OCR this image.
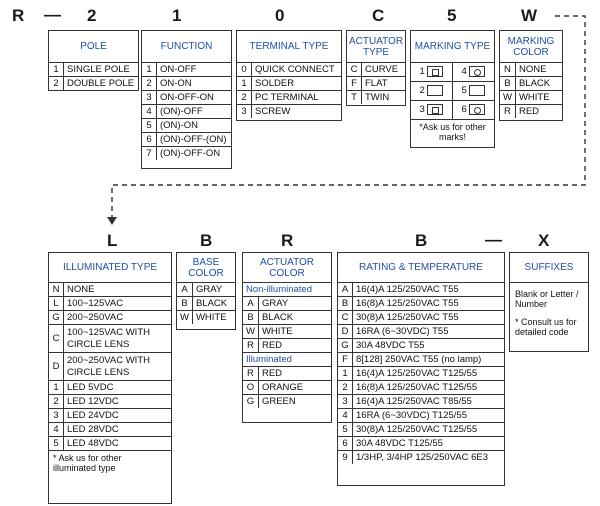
R — 2	1	0	C	5	W
POLE
1	SINGLE POLE
2	DOUBLE POLE
FUNCTION
1	ON-OFF
2	ON-ON
3	ON-OFF-ON
4	(ON)-OFF
5	(ON)-ON
6	(ON)-OFF-(ON)
7	(ON)-OFF-ON
TERMINAL TYPE
0	QUICK CONNECT
1	SOLDER
2	PC TERMINAL
3	SCREW
ACTUATOR TYPE
C	CURVE
F	FLAT
T	TWIN
MARKING TYPE
1	4
2	5
3	6
*Ask us for other marks!
MARKING COLOR
N	NONE
B	BLACK
W	WHITE
R	RED
L	B	R	B	— X
ILLUMINATED TYPE
N	NONE
L	100~125VAC
G	200~250VAC
C	100~125VAC WITH CIRCLE LENS
D	200~250VAC WITH CIRCLE LENS
1	LED 5VDC
2	LED 12VDC
3	LED 24VDC
4	LED 28VDC
5	LED 48VDC
* Ask us for other illuminated type
BASE COLOR
A	GRAY
B	BLACK
W	WHITE
ACTUATOR COLOR
Non-illuminated	
A	GRAY
B	BLACK
W	WHITE
R	RED
Illuminated	
R	RED
O	ORANGE
G	GREEN
RATING & TEMPERATURE
A	16(4)A 125/250VAC T55
B	16(8)A 125/250VAC T55
C	30(8)A 125/250VAC T55
D	16RA (6~30VDC) T55
G	30A 48VDC T55
F	8[128] 250VAC T55 (no lamp)
1	16(4)A 125/250VAC T125/55
2	16(8)A 125/250VAC T125/55
3	16(4)A 125/250VAC T85/55
4	16RA (6~30VDC) T125/55
5	30(8)A 125/250VAC T125/55
6	30A 48VDC T125/55
9	1/3HP, 3/4HP 125/250VAC 6E3
SUFFIXES
Blank or Letter / Number
* Consult us for detailed code
